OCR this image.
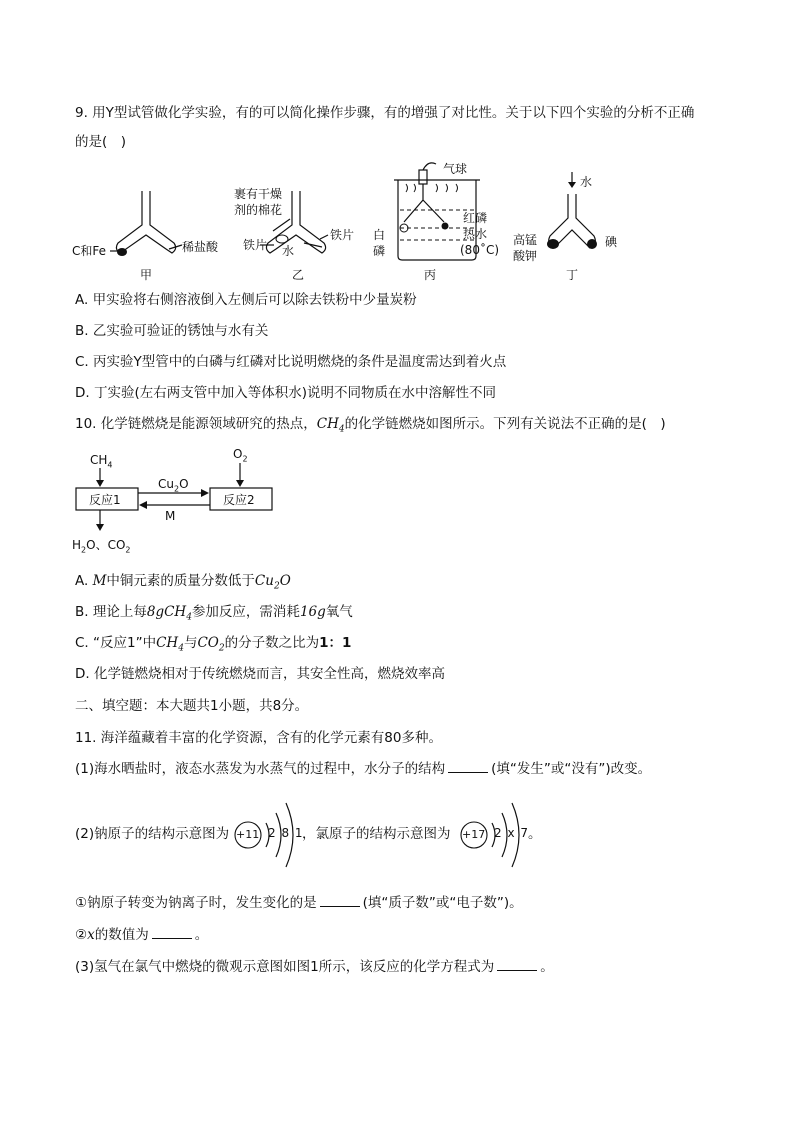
9. 用Y型试管做化学实验，有的可以简化操作步骤，有的增强了对比性。关于以下四个实验的分析不正确
的是(　)
C和Fe	稀盐酸
甲
裹有干燥
剂的棉花
铁片 水
铁片
乙
气球
白
磷
红磷
热水
(80˚C)
丙
水
高锰
酸钾
碘
丁
A. 甲实验将右侧溶液倒入左侧后可以除去铁粉中少量炭粉
B. 乙实验可验证的锈蚀与水有关
C. 丙实验Y型管中的白磷与红磷对比说明燃烧的条件是温度需达到着火点
D. 丁实验(左右两支管中加入等体积水)说明不同物质在水中溶解性不同
10. 化学链燃烧是能源领域研究的热点，$CH_4$的化学链燃烧如图所示。下列有关说法不正确的是(　)
$CH_4$
$O_2$
反应1	反应2
$Cu_2O$
M
$H_2O$、$CO_2$
A. M中铜元素的质量分数低于$Cu_2O$
B. 理论上每8gCH$_4$参加反应，需消耗16g氧气
C. “反应1”中$CH_4$与$CO_2$的分子数之比为1：1
D. 化学链燃烧相对于传统燃烧而言，其安全性高，燃烧效率高
二、填空题：本大题共1小题，共8分。
11. 海洋蕴藏着丰富的化学资源，含有的化学元素有80多种。
(1)海水晒盐时，液态水蒸发为水蒸气的过程中，水分子的结构	(填“发生”或“没有”)改变。
(2)钠原子的结构示意图为 +11 2 8 1
，氯原子的结构示意图为 +17 2 x 7 。
①钠原子转变为钠离子时，发生变化的是	(填“质子数”或“电子数”)。
②x的数值为	。
(3)氢气在氯气中燃烧的微观示意图如图1所示，该反应的化学方程式为	。
